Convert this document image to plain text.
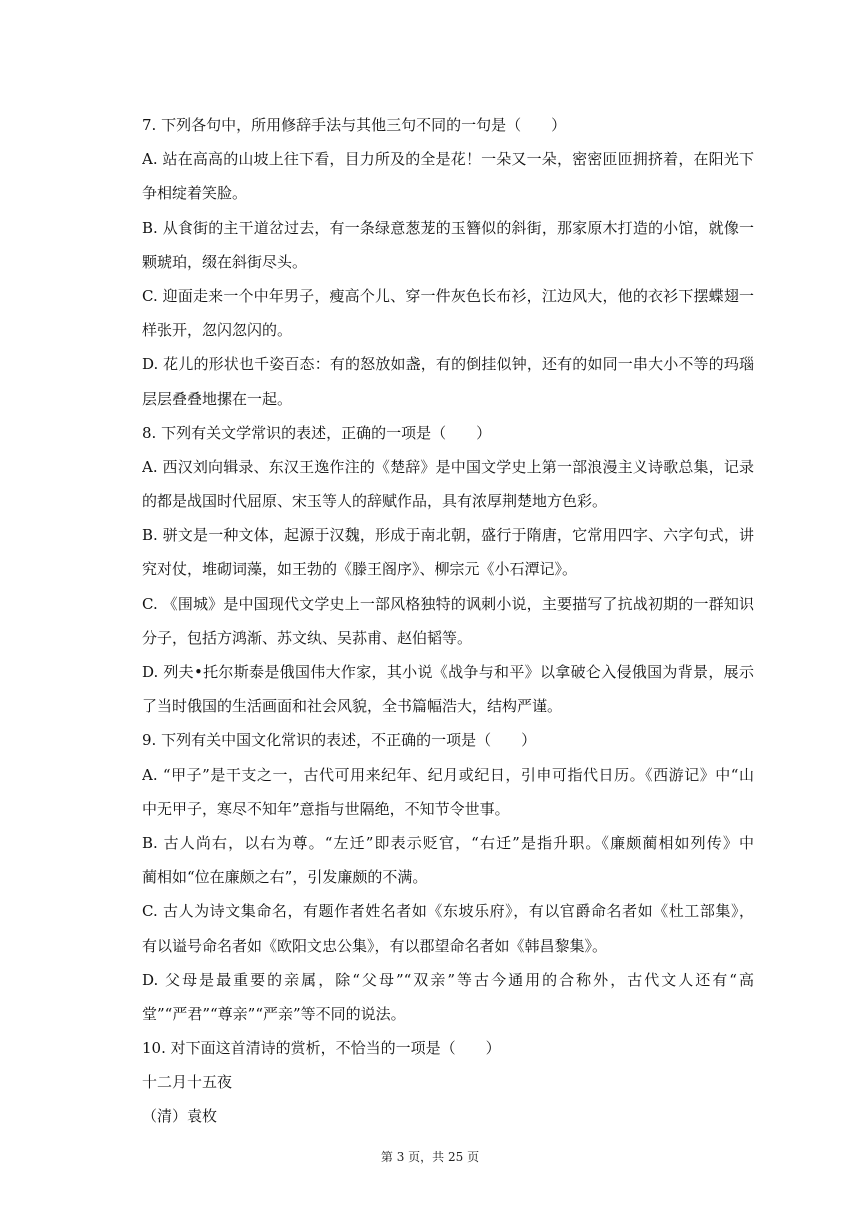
7. 下列各句中，所用修辞手法与其他三句不同的一句是（　　）
A. 站在高高的山坡上往下看，目力所及的全是花！一朵又一朵，密密匝匝拥挤着，在阳光下
争相绽着笑脸。
B. 从食街的主干道岔过去，有一条绿意葱茏的玉簪似的斜街，那家原木打造的小馆，就像一
颗琥珀，缀在斜街尽头。
C. 迎面走来一个中年男子，瘦高个儿、穿一件灰色长布衫，江边风大，他的衣衫下摆蝶翅一
样张开，忽闪忽闪的。
D. 花儿的形状也千姿百态：有的怒放如盏，有的倒挂似钟，还有的如同一串大小不等的玛瑙
层层叠叠地摞在一起。
8. 下列有关文学常识的表述，正确的一项是（　　）
A. 西汉刘向辑录、东汉王逸作注的《楚辞》是中国文学史上第一部浪漫主义诗歌总集，记录
的都是战国时代屈原、宋玉等人的辞赋作品，具有浓厚荆楚地方色彩。
B. 骈文是一种文体，起源于汉魏，形成于南北朝，盛行于隋唐，它常用四字、六字句式，讲
究对仗，堆砌词藻，如王勃的《滕王阁序》、柳宗元《小石潭记》。
C. 《围城》是中国现代文学史上一部风格独特的讽刺小说，主要描写了抗战初期的一群知识
分子，包括方鸿渐、苏文纨、吴荪甫、赵伯韬等。
D. 列夫•托尔斯泰是俄国伟大作家，其小说《战争与和平》以拿破仑入侵俄国为背景，展示
了当时俄国的生活画面和社会风貌，全书篇幅浩大，结构严谨。
9. 下列有关中国文化常识的表述，不正确的一项是（　　）
A. “甲子”是干支之一，古代可用来纪年、纪月或纪日，引申可指代日历。《西游记》中“山
中无甲子，寒尽不知年”意指与世隔绝，不知节令世事。
B. 古人尚右，以右为尊。“左迁”即表示贬官，“右迁”是指升职。《廉颇蔺相如列传》中
蔺相如“位在廉颇之右”，引发廉颇的不满。
C. 古人为诗文集命名，有题作者姓名者如《东坡乐府》，有以官爵命名者如《杜工部集》，
有以谥号命名者如《欧阳文忠公集》，有以郡望命名者如《韩昌黎集》。
D. 父母是最重要的亲属，除“父母”“双亲”等古今通用的合称外，古代文人还有“高
堂”“严君”“尊亲”“严亲”等不同的说法。
10. 对下面这首清诗的赏析，不恰当的一项是（　　）
十二月十五夜
（清）袁枚
第 3 页，共 25 页
